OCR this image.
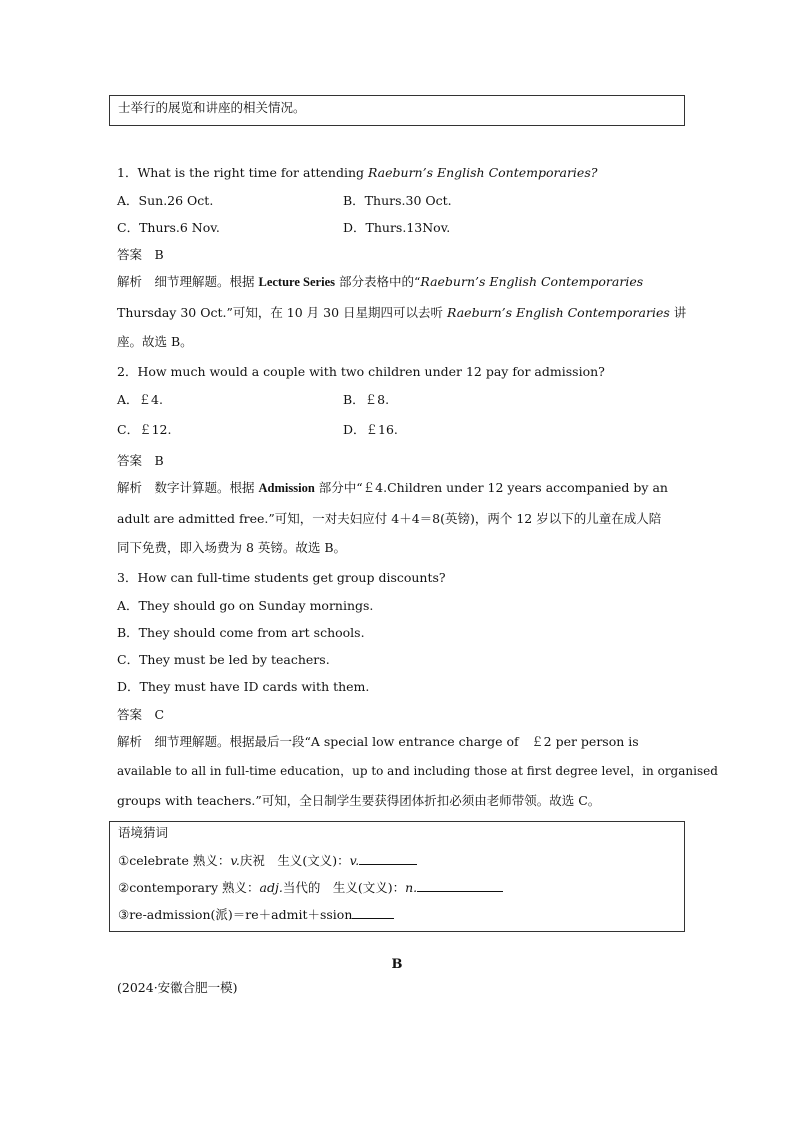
士举行的展览和讲座的相关情况。
1．What is the right time for attending Raeburn’s English Contemporaries?
A．Sun.26 Oct.	B．Thurs.30 Oct.
C．Thurs.6 Nov.	D．Thurs.13Nov.
答案　B
解析　细节理解题。根据 Lecture Series 部分表格中的“Raeburn’s English Contemporaries
Thursday 30 Oct.”可知，在 10 月 30 日星期四可以去听 Raeburn’s English Contemporaries 讲
座。故选 B。
2．How much would a couple with two children under 12 pay for admission?
A．￡4.	B．￡8.
C．￡12.	D．￡16.
答案　B
解析　数字计算题。根据 Admission 部分中“￡4.Children under 12 years accompanied by an
adult are admitted free.”可知，一对夫妇应付 4＋4＝8(英镑)，两个 12 岁以下的儿童在成人陪
同下免费，即入场费为 8 英镑。故选 B。
3．How can full-time students get group discounts?
A．They should go on Sunday mornings.
B．They should come from art schools.
C．They must be led by teachers.
D．They must have ID cards with them.
答案　C
解析　细节理解题。根据最后一段“A special low entrance charge of　￡2 per person is
available to all in full-time education，up to and including those at first degree level，in organised
groups with teachers.”可知，全日制学生要获得团体折扣必须由老师带领。故选 C。
语境猜词
①celebrate 熟义：v.庆祝　生义(文义)：v.
②contemporary 熟义：adj.当代的　生义(文义)：n.
③re-admission(派)＝re＋admit＋ssion
B
(2024·安徽合肥一模)
